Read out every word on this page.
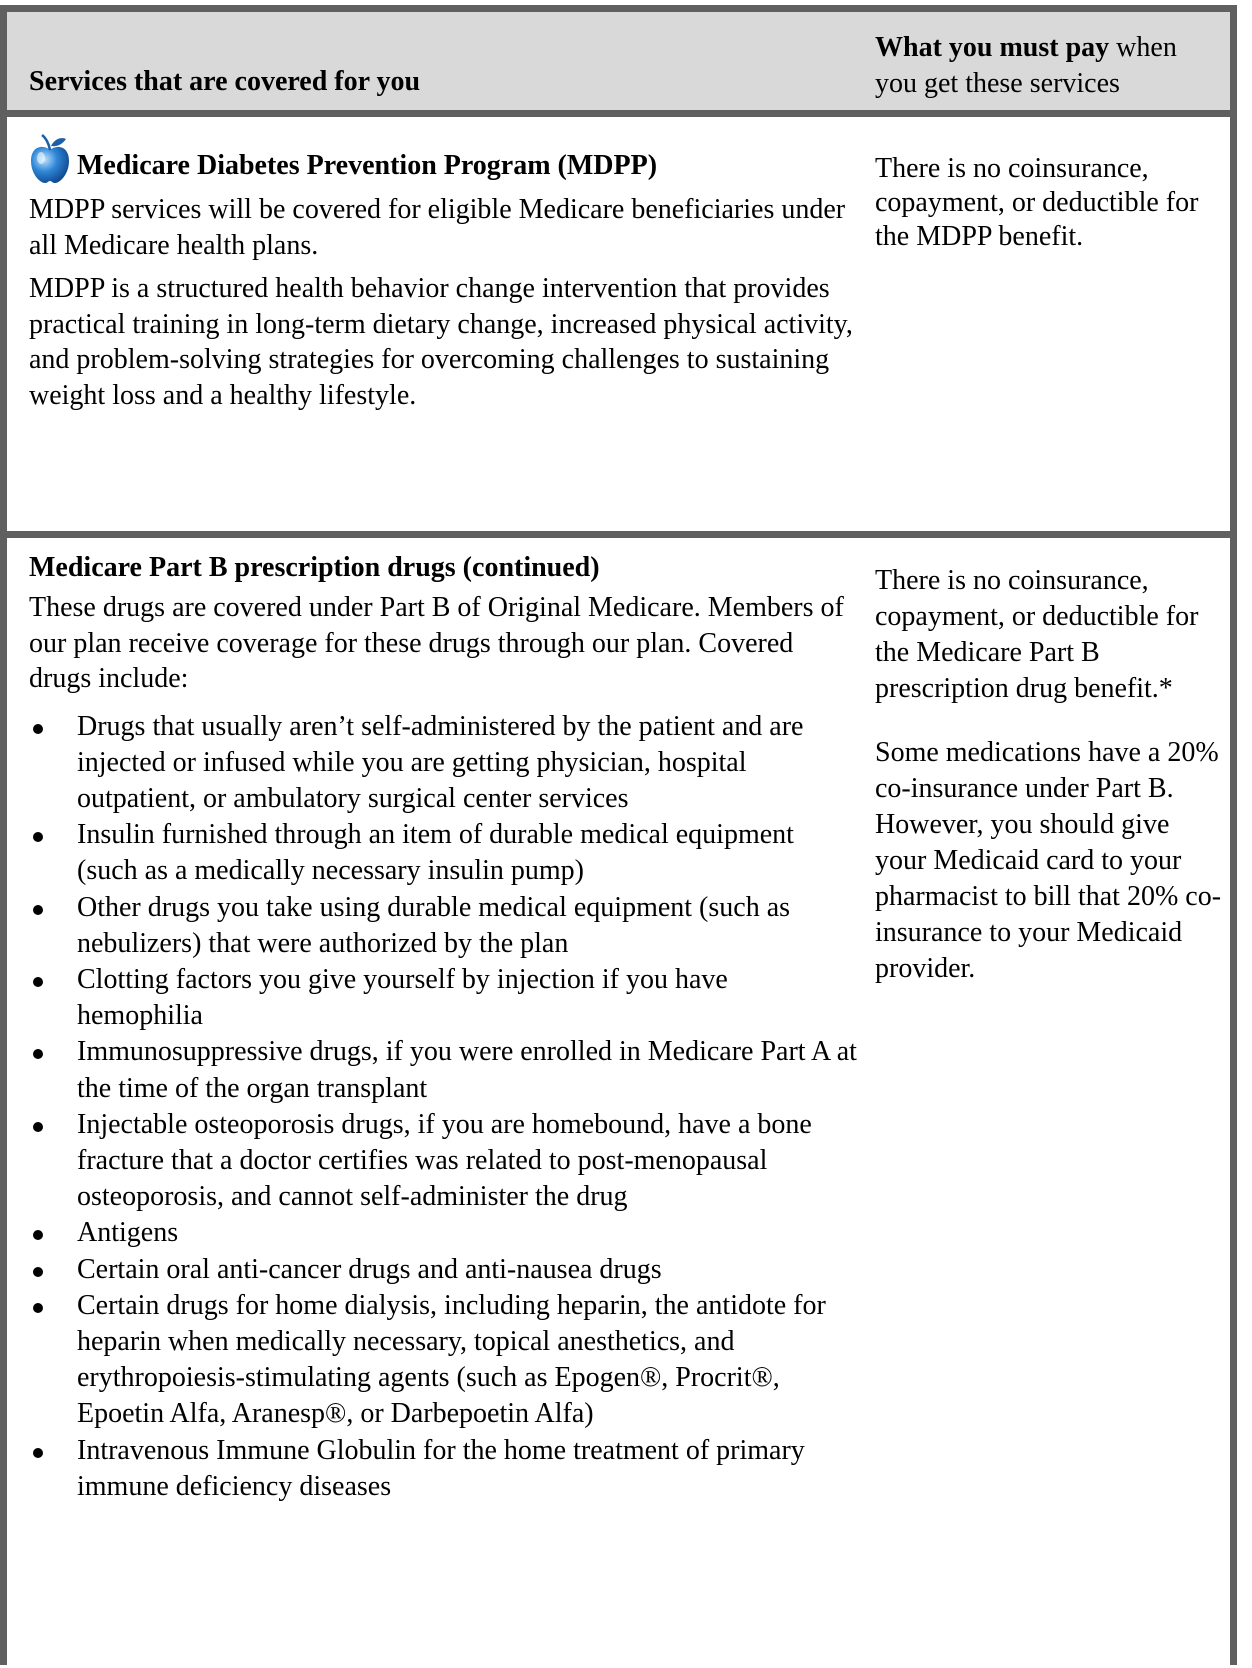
Services that are covered for you
What you must pay when you get these services
Medicare Diabetes Prevention Program (MDPP)

MDPP services will be covered for eligible Medicare beneficiaries under all Medicare health plans.

MDPP is a structured health behavior change intervention that provides practical training in long-term dietary change, increased physical activity, and problem-solving strategies for overcoming challenges to sustaining weight loss and a healthy lifestyle.

There is no coinsurance, copayment, or deductible for the MDPP benefit.
Medicare Part B prescription drugs (continued)

These drugs are covered under Part B of Original Medicare. Members of our plan receive coverage for these drugs through our plan. Covered drugs include:

Drugs that usually aren’t self-administered by the patient and are injected or infused while you are getting physician, hospital outpatient, or ambulatory surgical center services
Insulin furnished through an item of durable medical equipment (such as a medically necessary insulin pump)
Other drugs you take using durable medical equipment (such as nebulizers) that were authorized by the plan
Clotting factors you give yourself by injection if you have hemophilia
Immunosuppressive drugs, if you were enrolled in Medicare Part A at the time of the organ transplant
Injectable osteoporosis drugs, if you are homebound, have a bone fracture that a doctor certifies was related to post-menopausal osteoporosis, and cannot self-administer the drug
Antigens
Certain oral anti-cancer drugs and anti-nausea drugs
Certain drugs for home dialysis, including heparin, the antidote for heparin when medically necessary, topical anesthetics, and erythropoiesis-stimulating agents (such as Epogen®, Procrit®, Epoetin Alfa, Aranesp®, or Darbepoetin Alfa)
Intravenous Immune Globulin for the home treatment of primary immune deficiency diseases
There is no coinsurance, copayment, or deductible for the Medicare Part B prescription drug benefit.*
Some medications have a 20% co-insurance under Part B. However, you should give your Medicaid card to your pharmacist to bill that 20% co-insurance to your Medicaid provider.
